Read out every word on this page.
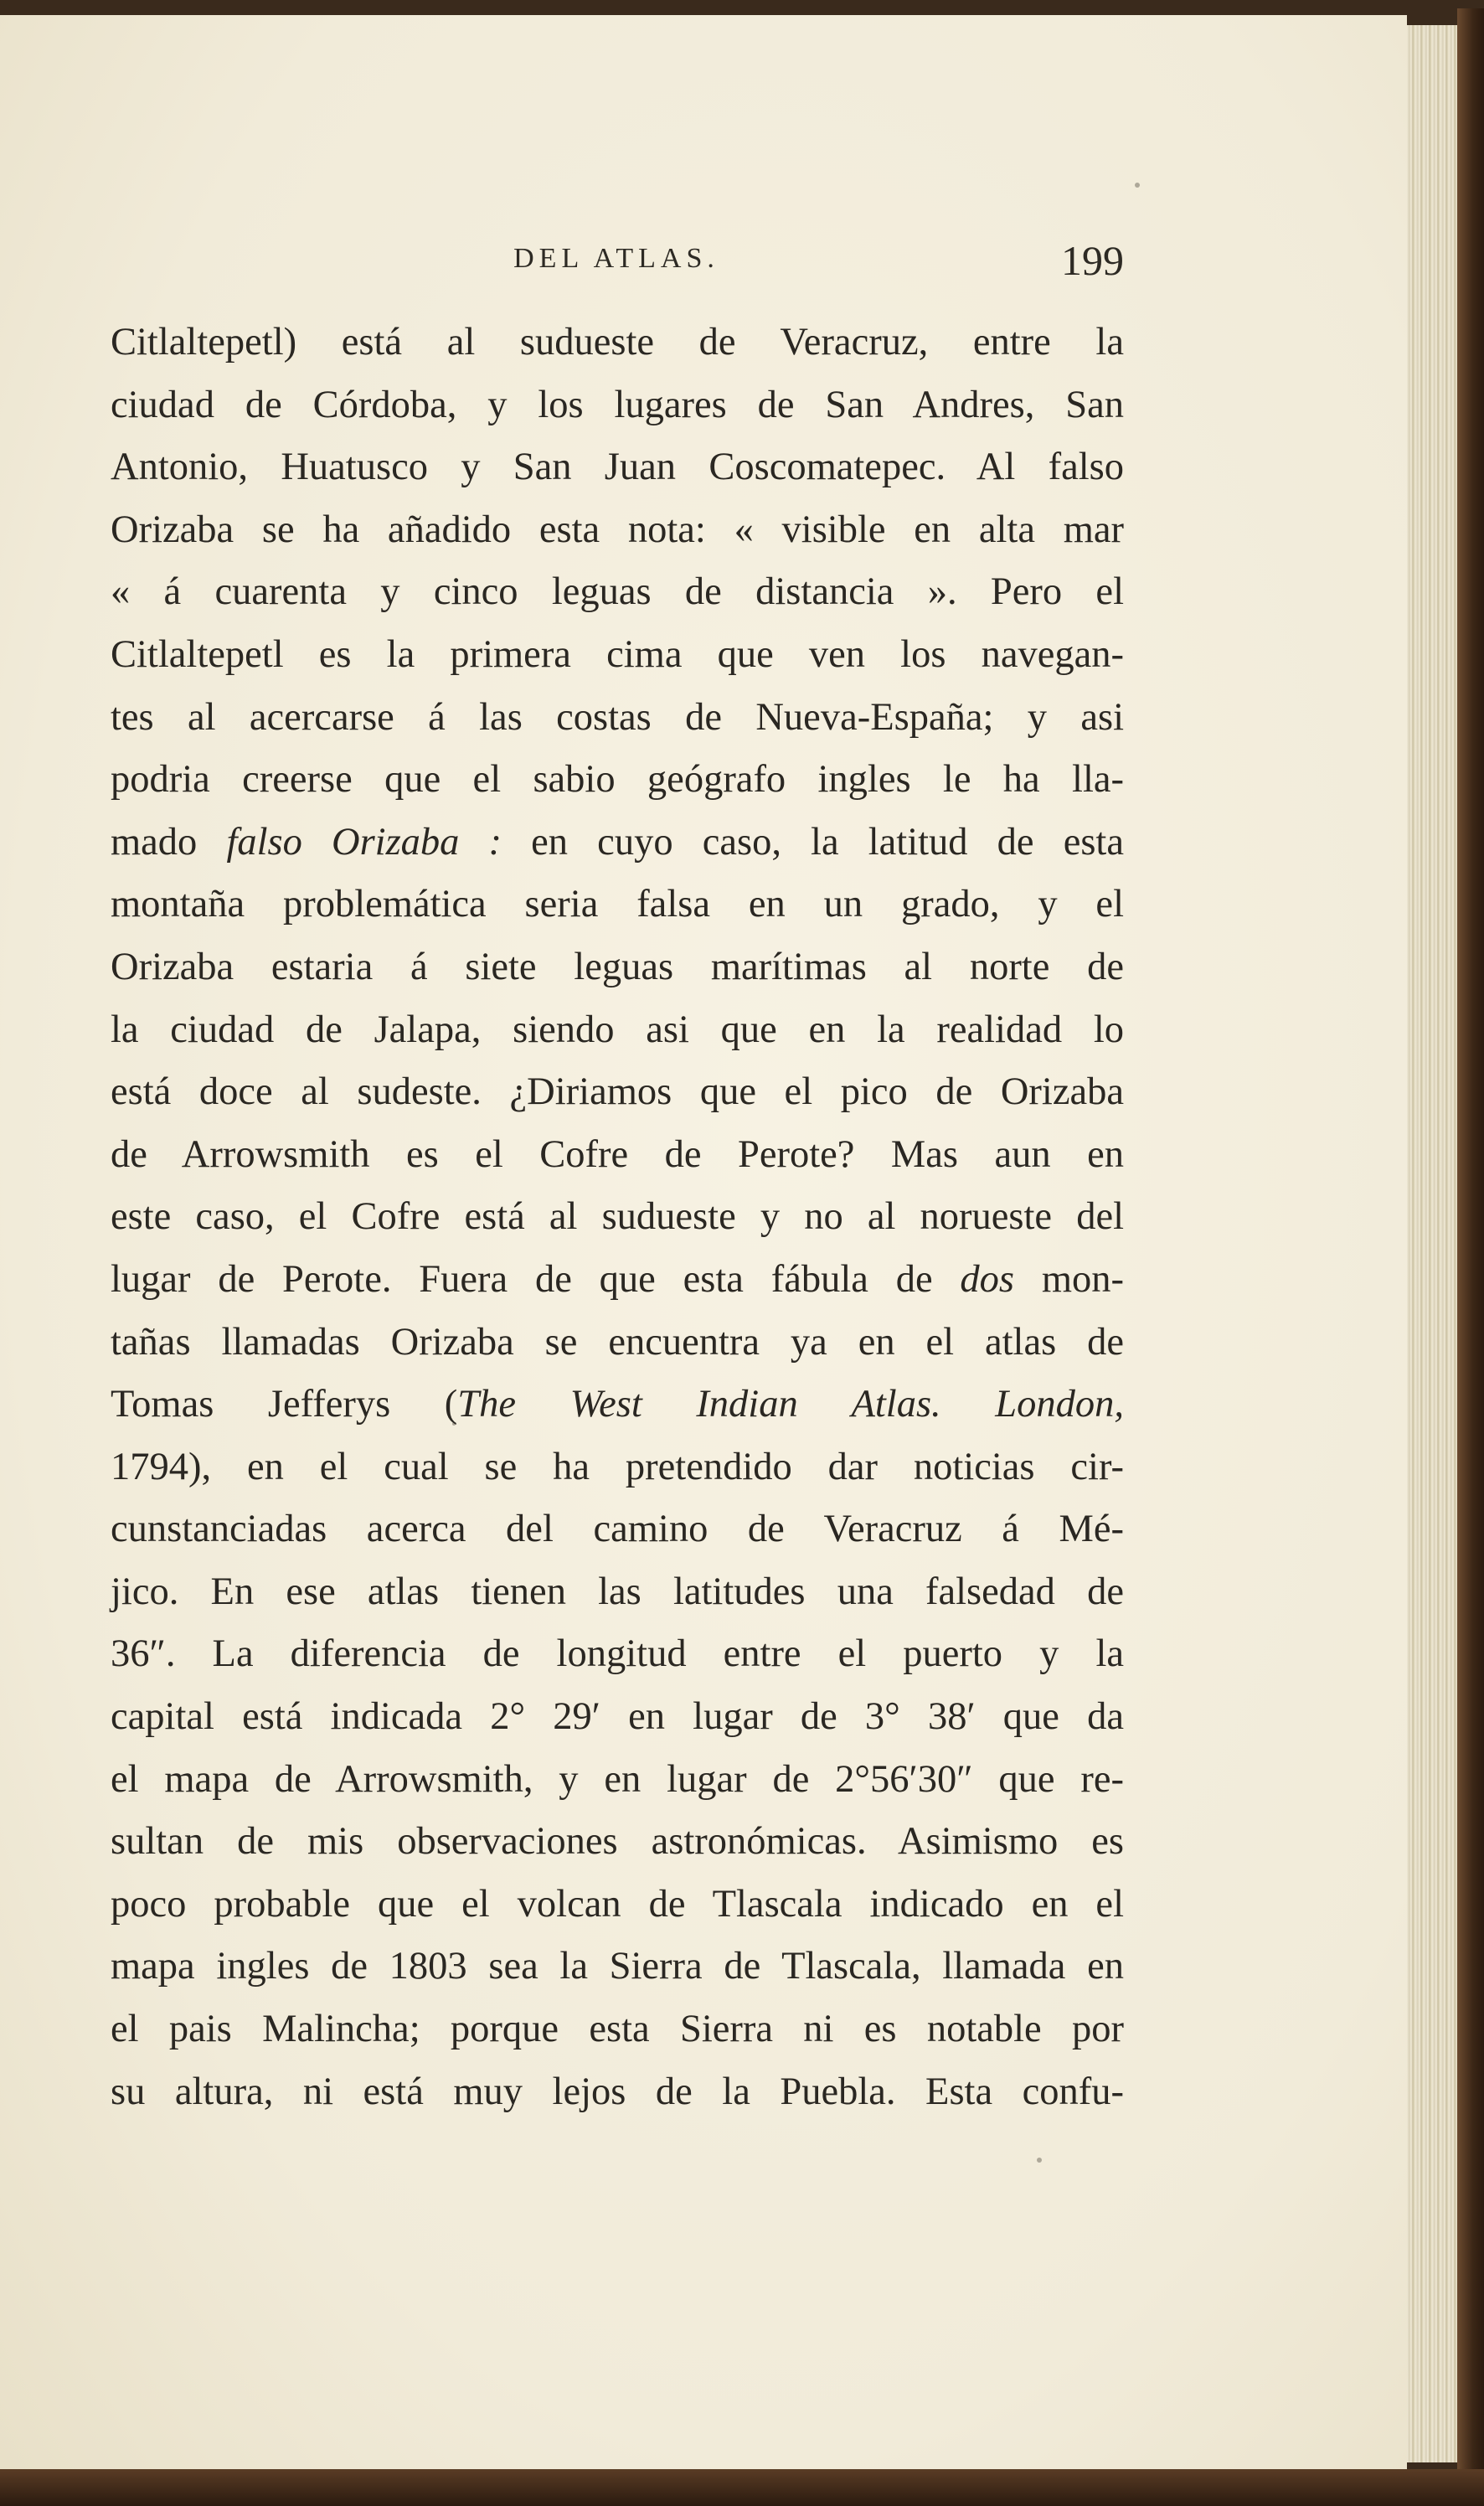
DEL ATLAS.	199
Citlaltepetl) está al sudueste de Veracruz, entre la
ciudad de Córdoba, y los lugares de San Andres, San
Antonio, Huatusco y San Juan Coscomatepec. Al falso
Orizaba se ha añadido esta nota: « visible en alta mar
« á cuarenta y cinco leguas de distancia ». Pero el
Citlaltepetl es la primera cima que ven los navegan-
tes al acercarse á las costas de Nueva-España; y asi
podria creerse que el sabio geógrafo ingles le ha lla-
mado falso Orizaba : en cuyo caso, la latitud de esta
montaña problemática seria falsa en un grado, y el
Orizaba estaria á siete leguas marítimas al norte de
la ciudad de Jalapa, siendo asi que en la realidad lo
está doce al sudeste. ¿Diriamos que el pico de Orizaba
de Arrowsmith es el Cofre de Perote? Mas aun en
este caso, el Cofre está al sudueste y no al norueste del
lugar de Perote. Fuera de que esta fábula de dos mon-
tañas llamadas Orizaba se encuentra ya en el atlas de
Tomas Jefferys (The West Indian Atlas. London,
1794), en el cual se ha pretendido dar noticias cir-
cunstanciadas acerca del camino de Veracruz á Mé-
jico. En ese atlas tienen las latitudes una falsedad de
36″. La diferencia de longitud entre el puerto y la
capital está indicada 2° 29′ en lugar de 3° 38′ que da
el mapa de Arrowsmith, y en lugar de 2°56′30″ que re-
sultan de mis observaciones astronómicas. Asimismo es
poco probable que el volcan de Tlascala indicado en el
mapa ingles de 1803 sea la Sierra de Tlascala, llamada en
el pais Malincha; porque esta Sierra ni es notable por
su altura, ni está muy lejos de la Puebla. Esta confu-
